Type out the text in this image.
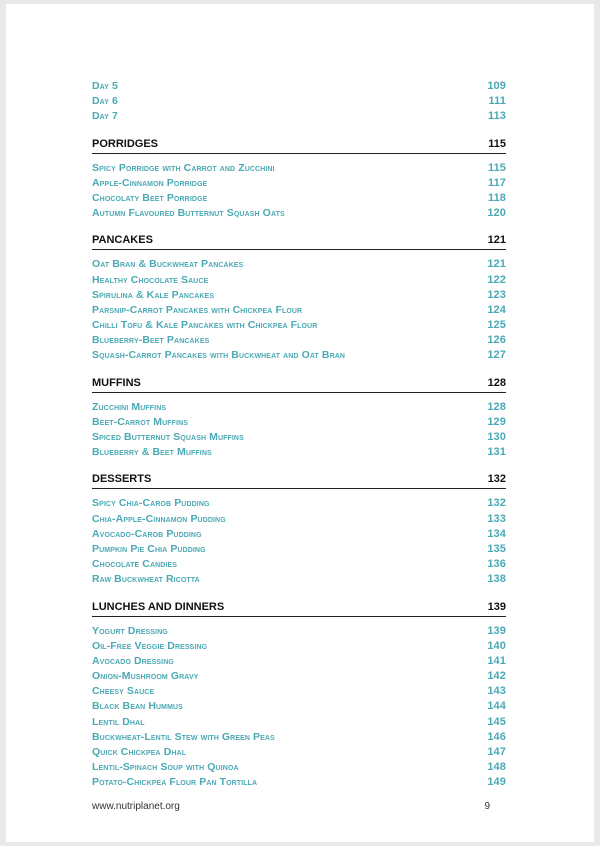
Day 5	109
Day 6	111
Day 7	113
PORRIDGES	115
Spicy Porridge with Carrot and Zucchini	115
Apple-Cinnamon Porridge	117
Chocolaty Beet Porridge	118
Autumn Flavoured Butternut Squash Oats	120
PANCAKES	121
Oat Bran & Buckwheat Pancakes	121
Healthy Chocolate Sauce	122
Spirulina & Kale Pancakes	123
Parsnip-Carrot Pancakes with Chickpea Flour	124
Chilli Tofu & Kale Pancakes with Chickpea Flour	125
Blueberry-Beet Pancakes	126
Squash-Carrot Pancakes with Buckwheat and Oat Bran	127
MUFFINS	128
Zucchini Muffins	128
Beet-Carrot Muffins	129
Spiced Butternut Squash Muffins	130
Blueberry & Beet Muffins	131
DESSERTS	132
Spicy Chia-Carob Pudding	132
Chia-Apple-Cinnamon Pudding	133
Avocado-Carob Pudding	134
Pumpkin Pie Chia Pudding	135
Chocolate Candies	136
Raw Buckwheat Ricotta	138
LUNCHES AND DINNERS	139
Yogurt Dressing	139
Oil-Free Veggie Dressing	140
Avocado Dressing	141
Onion-Mushroom Gravy	142
Cheesy Sauce	143
Black Bean Hummus	144
Lentil Dhal	145
Buckwheat-Lentil Stew with Green Peas	146
Quick Chickpea Dhal	147
Lentil-Spinach Soup with Quinoa	148
Potato-Chickpea Flour Pan Tortilla	149
www.nutriplanet.org	9
